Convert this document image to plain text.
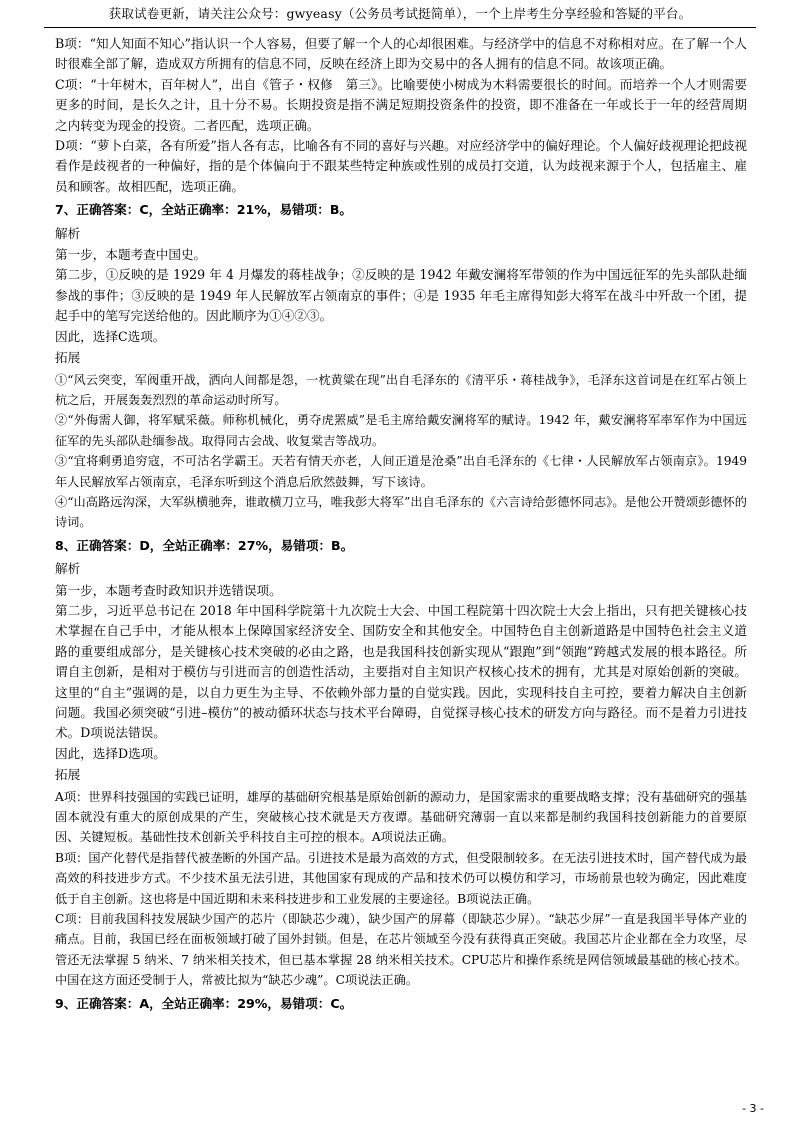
获取试卷更新，请关注公众号：gwyeasy（公务员考试挺简单），一个上岸考生分享经验和答疑的平台。

B项：“知人知面不知心”指认识一个人容易，但要了解一个人的心却很困难。与经济学中的信息不对称相对应。在了解一个人时很难全部了解，造成双方所拥有的信息不同，反映在经济上即为交易中的各人拥有的信息不同。故该项正确。

C项：“十年树木，百年树人”，出自《管子・权修　第三》。比喻要使小树成为木料需要很长的时间。而培养一个人才则需要更多的时间，是长久之计，且十分不易。长期投资是指不满足短期投资条件的投资，即不准备在一年或长于一年的经营周期之内转变为现金的投资。二者匹配，选项正确。

D项：“萝卜白菜，各有所爱”指人各有志，比喻各有不同的喜好与兴趣。对应经济学中的偏好理论。个人偏好歧视理论把歧视看作是歧视者的一种偏好，指的是个体偏向于不跟某些特定种族或性别的成员打交道，认为歧视来源于个人，包括雇主、雇员和顾客。故相匹配，选项正确。

7、正确答案：C，全站正确率：21%，易错项：B。

解析

第一步，本题考查中国史。

第二步，①反映的是 1929 年 4 月爆发的蒋桂战争；②反映的是 1942 年戴安澜将军带领的作为中国远征军的先头部队赴缅参战的事件；③反映的是 1949 年人民解放军占领南京的事件；④是 1935 年毛主席得知彭大将军在战斗中歼敌一个团，提起手中的笔写完送给他的。因此顺序为①④②③。

因此，选择C选项。

拓展

①“风云突变，军阀重开战，洒向人间都是怨，一枕黄粱在现”出自毛泽东的《清平乐・蒋桂战争》，毛泽东这首词是在红军占领上杭之后，开展轰轰烈烈的革命运动时所写。

②“外侮需人御，将军赋采薇。师称机械化，勇夺虎罴威”是毛主席给戴安澜将军的赋诗。1942 年，戴安澜将军率军作为中国远征军的先头部队赴缅参战。取得同古会战、收复棠吉等战功。

③“宜将剩勇追穷寇，不可沽名学霸王。天若有情天亦老，人间正道是沧桑”出自毛泽东的《七律・人民解放军占领南京》。1949 年人民解放军占领南京，毛泽东听到这个消息后欣然鼓舞，写下该诗。

④“山高路远沟深，大军纵横驰奔，谁敢横刀立马，唯我彭大将军”出自毛泽东的《六言诗给彭德怀同志》。是他公开赞颂彭德怀的诗词。

8、正确答案：D，全站正确率：27%，易错项：B。

解析

第一步，本题考查时政知识并选错误项。

第二步，习近平总书记在 2018 年中国科学院第十九次院士大会、中国工程院第十四次院士大会上指出，只有把关键核心技术掌握在自己手中，才能从根本上保障国家经济安全、国防安全和其他安全。中国特色自主创新道路是中国特色社会主义道路的重要组成部分，是关键核心技术突破的必由之路，也是我国科技创新实现从“跟跑”到“领跑”跨越式发展的根本路径。所谓自主创新，是相对于模仿与引进而言的创造性活动，主要指对自主知识产权核心技术的拥有，尤其是对原始创新的突破。这里的“自主”强调的是，以自力更生为主导、不依赖外部力量的自觉实践。因此，实现科技自主可控，要着力解决自主创新问题。我国必须突破“引进–模仿”的被动循环状态与技术平台障碍，自觉探寻核心技术的研发方向与路径。而不是着力引进技术。D项说法错误。

因此，选择D选项。

拓展

A项：世界科技强国的实践已证明，雄厚的基础研究根基是原始创新的源动力，是国家需求的重要战略支撑；没有基础研究的强基固本就没有重大的原创成果的产生，突破核心技术就是天方夜谭。基础研究薄弱一直以来都是制约我国科技创新能力的首要原因、关键短板。基础性技术创新关乎科技自主可控的根本。A项说法正确。

B项：国产化替代是指替代被垄断的外国产品。引进技术是最为高效的方式，但受限制较多。在无法引进技术时，国产替代成为最高效的科技进步方式。不少技术虽无法引进，其他国家有现成的产品和技术仍可以模仿和学习，市场前景也较为确定，因此难度低于自主创新。这也将是中国近期和未来科技进步和工业发展的主要途径。B项说法正确。

C项：目前我国科技发展缺少国产的芯片（即缺芯少魂），缺少国产的屏幕（即缺芯少屏）。“缺芯少屏”一直是我国半导体产业的痛点。目前，我国已经在面板领域打破了国外封锁。但是，在芯片领域至今没有获得真正突破。我国芯片企业都在全力攻坚，尽管还无法掌握 5 纳米、7 纳米相关技术，但已基本掌握 28 纳米相关技术。CPU芯片和操作系统是网信领域最基础的核心技术。中国在这方面还受制于人，常被比拟为“缺芯少魂”。C项说法正确。

9、正确答案：A，全站正确率：29%，易错项：C。

- 3 -
